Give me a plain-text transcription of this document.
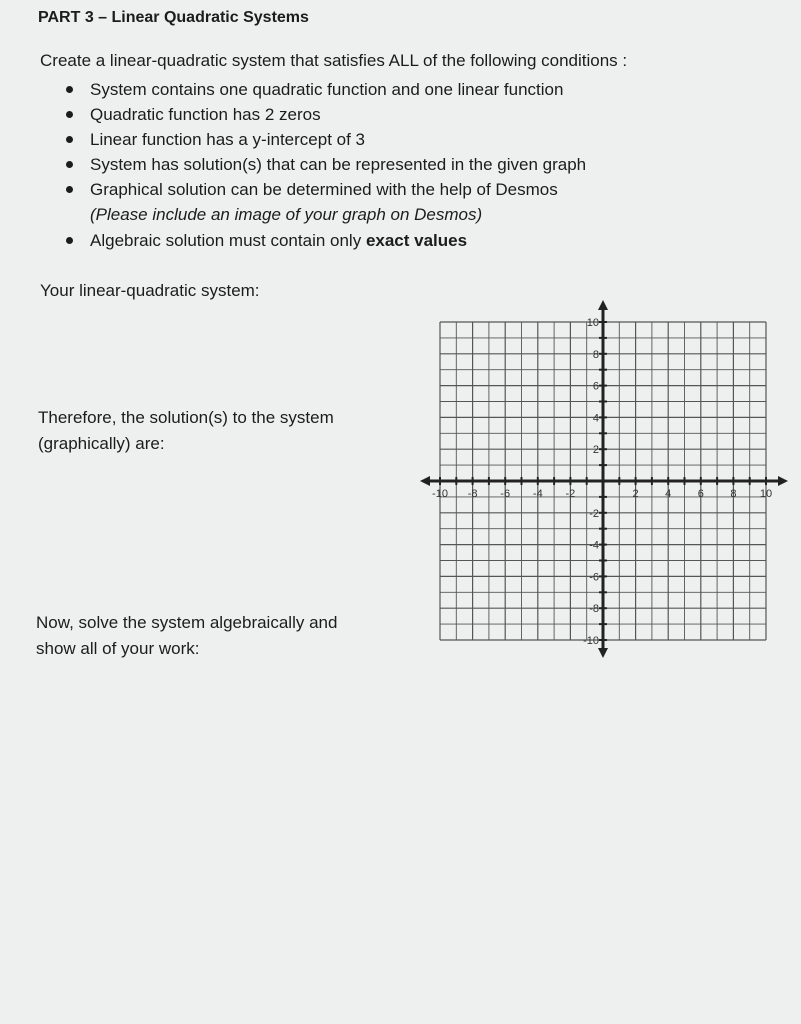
PART 3 – Linear Quadratic Systems
Create a linear-quadratic system that satisfies ALL of the following conditions :
System contains one quadratic function and one linear function
Quadratic function has 2 zeros
Linear function has a y-intercept of 3
System has solution(s) that can be represented in the given graph
Graphical solution can be determined with the help of Desmos
(Please include an image of your graph on Desmos)
Algebraic solution must contain only exact values
Your linear-quadratic system:
Therefore, the solution(s) to the system
(graphically) are:
Now, solve the system algebraically and
show all of your work:
-10 -8 -6 -4 -2	2 4 6 8 10
10
8
6
4
2
-2
-4
-6
-8
-10
